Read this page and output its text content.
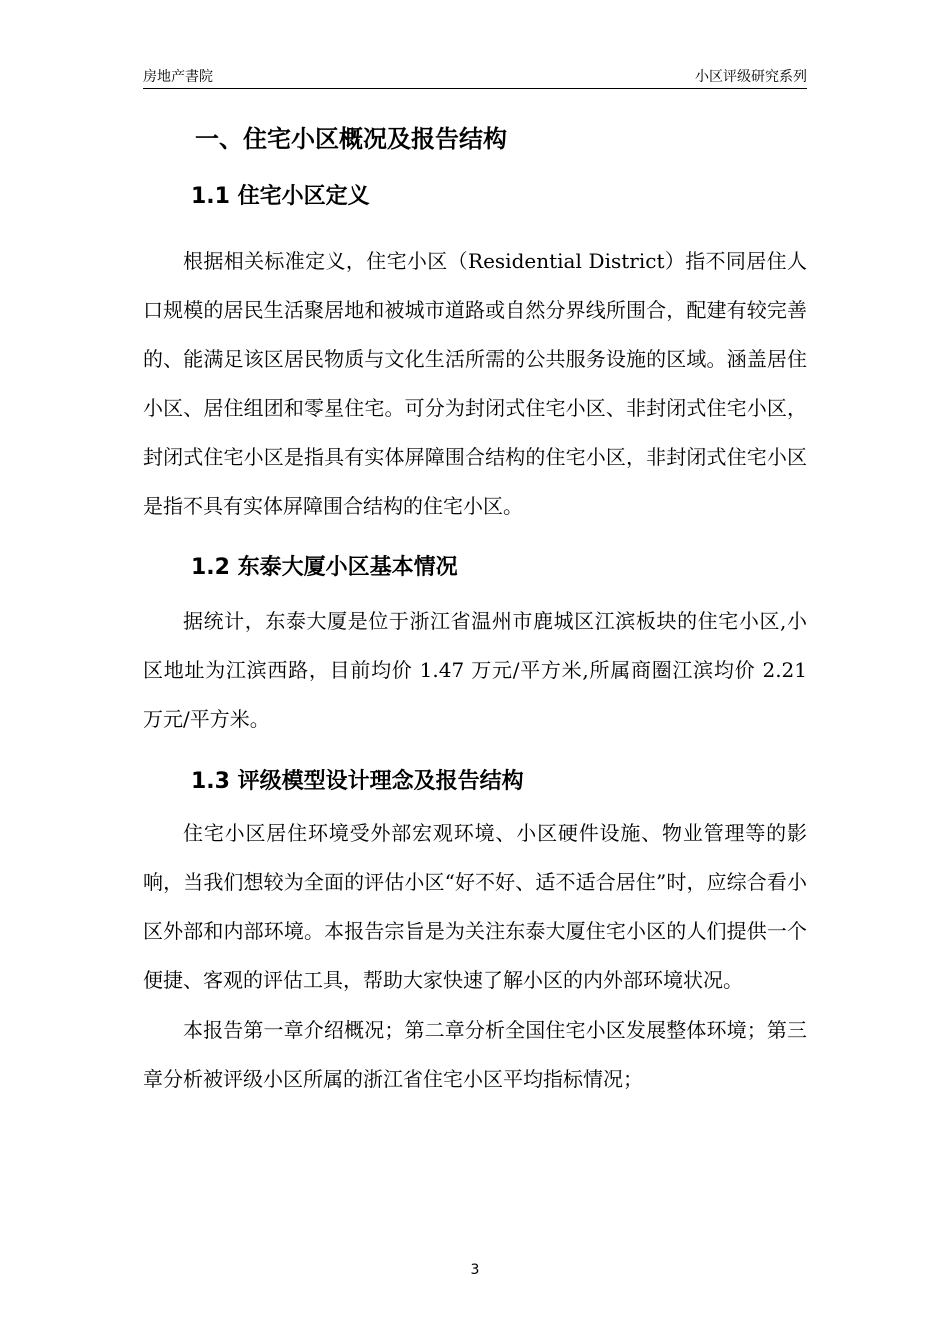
房地产書院	小区评级研究系列
一、住宅小区概况及报告结构
1.1 住宅小区定义

根据相关标准定义，住宅小区（Residential District）指不同居住人口规模的居民生活聚居地和被城市道路或自然分界线所围合，配建有较完善的、能满足该区居民物质与文化生活所需的公共服务设施的区域。涵盖居住小区、居住组团和零星住宅。可分为封闭式住宅小区、非封闭式住宅小区，封闭式住宅小区是指具有实体屏障围合结构的住宅小区，非封闭式住宅小区是指不具有实体屏障围合结构的住宅小区。

1.2 东泰大厦小区基本情况

据统计，东泰大厦是位于浙江省温州市鹿城区江滨板块的住宅小区,小区地址为江滨西路，目前均价 1.47 万元/平方米,所属商圈江滨均价 2.21 万元/平方米。

1.3 评级模型设计理念及报告结构

住宅小区居住环境受外部宏观环境、小区硬件设施、物业管理等的影响，当我们想较为全面的评估小区“好不好、适不适合居住”时，应综合看小区外部和内部环境。本报告宗旨是为关注东泰大厦住宅小区的人们提供一个便捷、客观的评估工具，帮助大家快速了解小区的内外部环境状况。

本报告第一章介绍概况；第二章分析全国住宅小区发展整体环境；第三章分析被评级小区所属的浙江省住宅小区平均指标情况；

3
